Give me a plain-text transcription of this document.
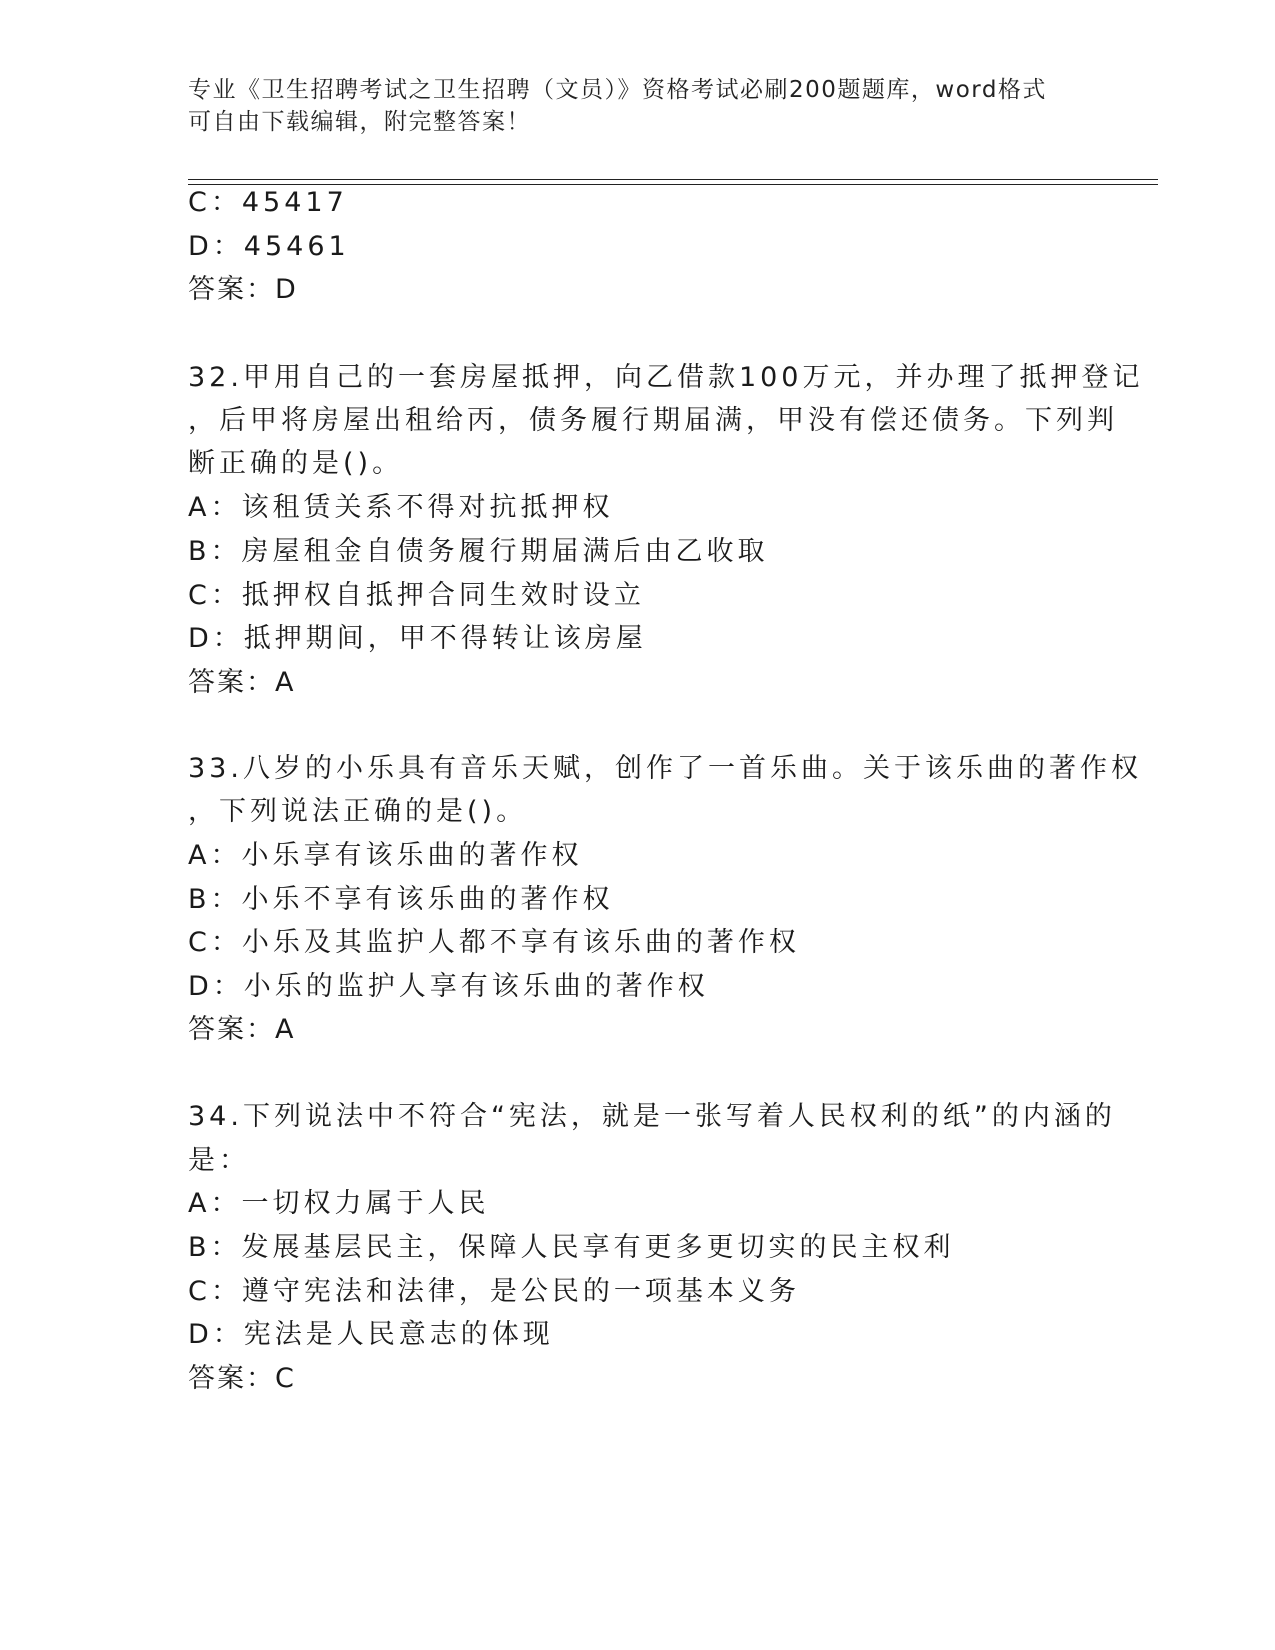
专业《卫生招聘考试之卫生招聘（文员）》资格考试必刷200题题库，word格式
可自由下载编辑，附完整答案！
C：45417
D：45461
答案：D
32.甲用自己的一套房屋抵押，向乙借款100万元，并办理了抵押登记
，后甲将房屋出租给丙，债务履行期届满，甲没有偿还债务。下列判
断正确的是()。
A：该租赁关系不得对抗抵押权
B：房屋租金自债务履行期届满后由乙收取
C：抵押权自抵押合同生效时设立
D：抵押期间，甲不得转让该房屋
答案：A
33.八岁的小乐具有音乐天赋，创作了一首乐曲。关于该乐曲的著作权
，下列说法正确的是()。
A：小乐享有该乐曲的著作权
B：小乐不享有该乐曲的著作权
C：小乐及其监护人都不享有该乐曲的著作权
D：小乐的监护人享有该乐曲的著作权
答案：A
34.下列说法中不符合“宪法，就是一张写着人民权利的纸”的内涵的
是：
A：一切权力属于人民
B：发展基层民主，保障人民享有更多更切实的民主权利
C：遵守宪法和法律，是公民的一项基本义务
D：宪法是人民意志的体现
答案：C
